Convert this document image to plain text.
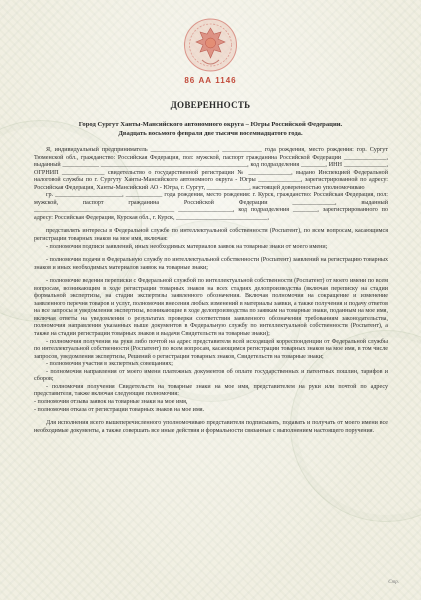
86 АА 1146
ДОВЕРЕННОСТЬ
Город Сургут Ханты-Мансийского автономного округа – Югры Российской Федерации.
Двадцать восьмого февраля две тысячи восемнадцатого года.

Я, индивидуальный предприниматель ______________________, _____________ года рождения, место рождения: гор. Сургут Тюменской обл., гражданство: Российская Федерация, пол: мужской, паспорт гражданина Российской Федерации ______________, выданный ____________ ________________________________________________, код подразделения ________, ИНН ______________, ОГРНИП ______________ свидетельство о государственной регистрации № ______________, выдано Инспекцией Федеральной налоговой службы по г. Сургуту Ханты-Мансийского автономного округа - Югры ______________, зарегистрированной по адресу: Российская Федерация, Ханты-Мансийский АО - Югра, г. Сургут, ______________, настоящей доверенностью уполномочиваю

гр. ______________________, ____________ года рождения, место рождения: г. Курск, гражданство: Российская Федерация, пол: мужской, паспорт гражданина Российской Федерации ______________, выданный ______________________________________________ __________________, код подразделения ________, зарегистрированного по адресу: Российская Федерация, Курская обл., г. Курск, ______________________________,

представлять интересы в Федеральной службе по интеллектуальной собственности (Роспатент), по всем вопросам, касающимся регистрации товарных знаков на мое имя, включая:

- полномочия подписи заявлений, иных необходимых материалов заявок на товарные знаки от моего имени;

- полномочия подачи в Федеральную службу по интеллектуальной собственности (Роспатент) заявлений на регистрацию товарных знаков и иных необходимых материалов заявок на товарные знаки;

- полномочие ведения переписки с Федеральной службой по интеллектуальной собственности (Роспатент) от моего имени по всем вопросам, возникающим в ходе регистрации товарных знаков на всех стадиях делопроизводства (включая переписку на стадии формальной экспертизы, на стадии экспертизы заявленного обозначения. Включая полномочия на сокращение и изменение заявленного перечня товаров и услуг, полномочия внесения любых изменений в материалы заявки, а также получения и подачу ответов на все запросы и уведомления экспертизы, возникающие в ходе делопроизводства по заявкам на товарные знаки, поданным на мое имя, включая ответы на уведомления о результатах проверки соответствия заявленного обозначения требованиям законодательства, полномочия направления указанных выше документов в Федеральную службу по интеллектуальной собственности (Роспатент), а также на стадии регистрации товарных знаков и выдачи Свидетельств на товарные знаки);

- полномочия получения на руки либо почтой на адрес представителя всей исходящей корреспонденции от Федеральной службы по интеллектуальной собственности (Роспатент) по всем вопросам, касающимся регистрации товарных знаков на мое имя, в том числе запросов, уведомления экспертизы, Решений о регистрации товарных знаков, Свидетельств на товарные знаки;

- полномочия участия в экспертных совещаниях;

- полномочия направления от моего имени платежных документов об оплате государственных и патентных пошлин, тарифов и сборов;

- полномочия получения Свидетельств на товарные знаки на мое имя, представителем на руки или почтой по адресу представителя, также включая следующие полномочия:

- полномочия отзыва заявок на товарные знаки на мое имя,

- полномочия отказа от регистрации товарных знаков на мое имя.

Для исполнения всего вышеперечисленного уполномочиваю представителя подписывать, подавать и получать от моего имени все необходимые документы, а также совершать все иные действия и формальности связанные с выполнением настоящего поручения.

Стр.
